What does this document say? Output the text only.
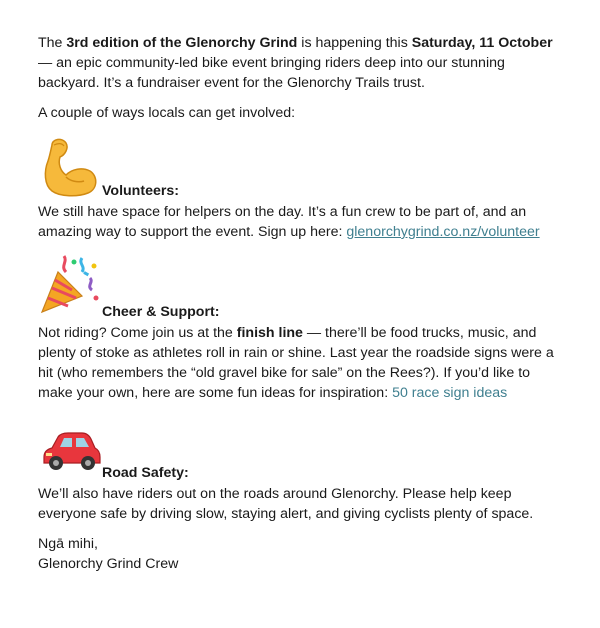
The 3rd edition of the Glenorchy Grind is happening this Saturday, 11 October — an epic community-led bike event bringing riders deep into our stunning backyard. It’s a fundraiser event for the Glenorchy Trails trust.

A couple of ways locals can get involved:

Volunteers:

We still have space for helpers on the day. It’s a fun crew to be part of, and an amazing way to support the event. Sign up here: glenorchygrind.co.nz/volunteer

Cheer & Support:

Not riding? Come join us at the finish line — there’ll be food trucks, music, and plenty of stoke as athletes roll in rain or shine. Last year the roadside signs were a hit (who remembers the “old gravel bike for sale” on the Rees?). If you’d like to make your own, here are some fun ideas for inspiration: 50 race sign ideas

Road Safety:

We’ll also have riders out on the roads around Glenorchy. Please help keep everyone safe by driving slow, staying alert, and giving cyclists plenty of space.

Ngā mihi,

Glenorchy Grind Crew
